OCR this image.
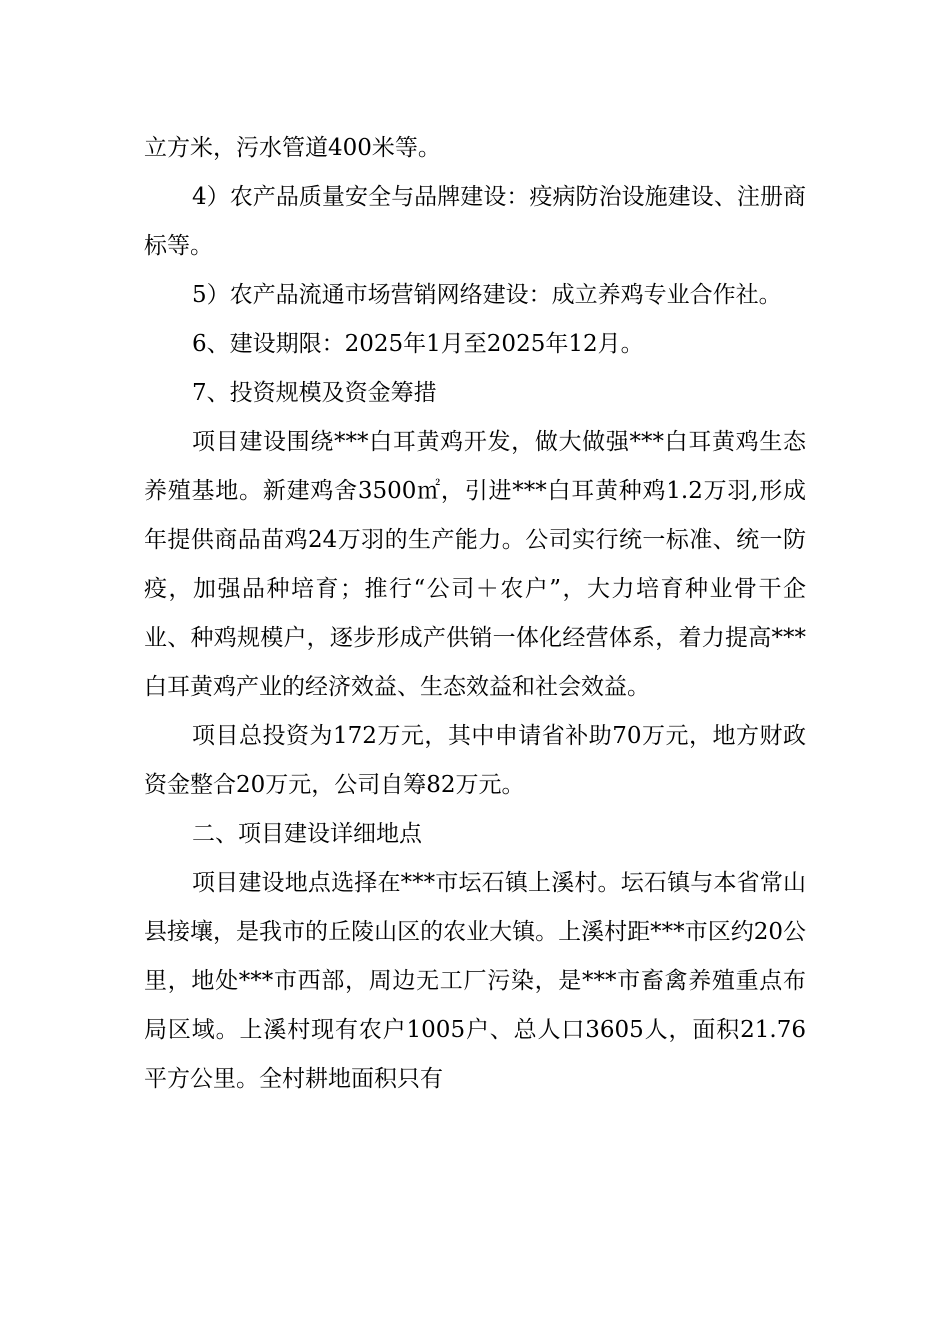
立方米，污水管道400米等。

4）农产品质量安全与品牌建设：疫病防治设施建设、注册商标等。

5）农产品流通市场营销网络建设：成立养鸡专业合作社。

6、建设期限：2025年1月至2025年12月。

7、投资规模及资金筹措

项目建设围绕***白耳黄鸡开发，做大做强***白耳黄鸡生态养殖基地。新建鸡舍3500㎡，引进***白耳黄种鸡1.2万羽,形成年提供商品苗鸡24万羽的生产能力。公司实行统一标准、统一防疫，加强品种培育；推行“公司＋农户”，大力培育种业骨干企业、种鸡规模户，逐步形成产供销一体化经营体系，着力提高***白耳黄鸡产业的经济效益、生态效益和社会效益。

项目总投资为172万元，其中申请省补助70万元，地方财政资金整合20万元，公司自筹82万元。

二、项目建设详细地点

项目建设地点选择在***市坛石镇上溪村。坛石镇与本省常山县接壤，是我市的丘陵山区的农业大镇。上溪村距***市区约20公里，地处***市西部，周边无工厂污染，是***市畜禽养殖重点布局区域。上溪村现有农户1005户、总人口3605人，面积21.76平方公里。全村耕地面积只有
